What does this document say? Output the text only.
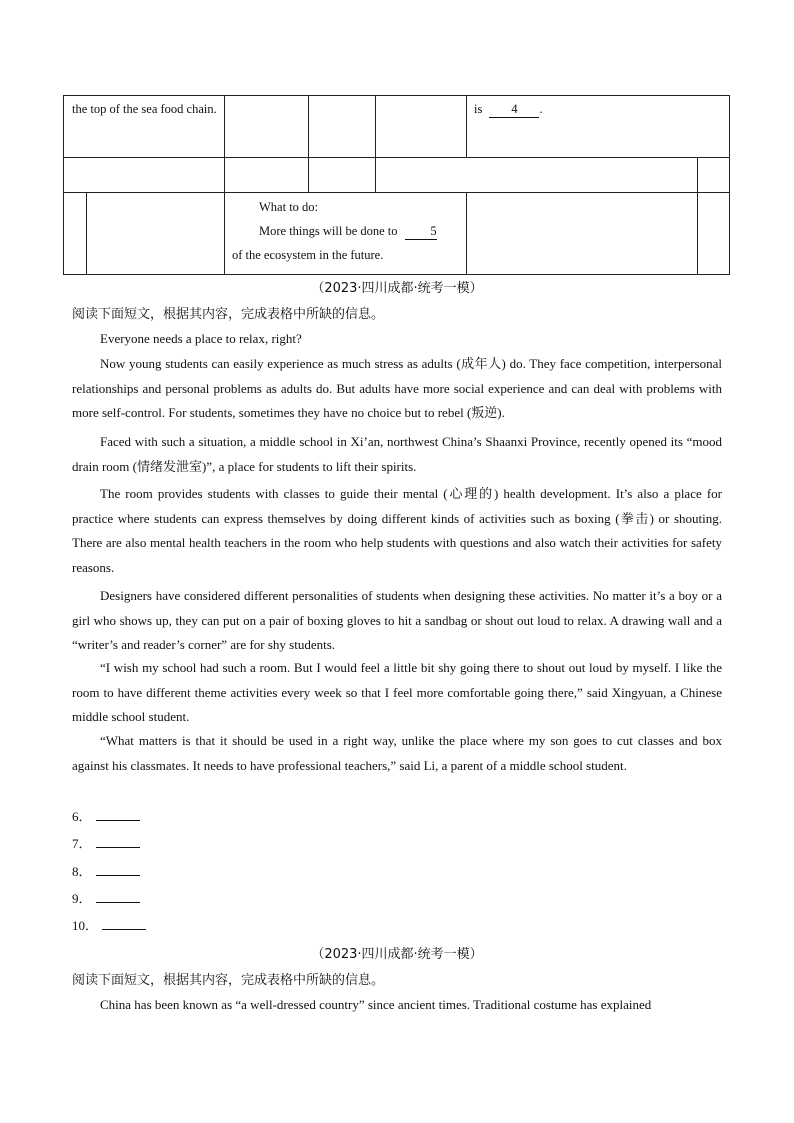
the top of the sea food chain.	is 4 .
What to do:
More things will be done to	5
of the ecosystem in the future.
（2023·四川成都·统考一模）
阅读下面短文，根据其内容，完成表格中所缺的信息。
Everyone needs a place to relax, right?
Now young students can easily experience as much stress as adults (成年人) do. They face competition, interpersonal relationships and personal problems as adults do. But adults have more social experience and can deal with problems with more self-control. For students, sometimes they have no choice but to rebel (叛逆).
Faced with such a situation, a middle school in Xi’an, northwest China’s Shaanxi Province, recently opened its “mood drain room (情绪发泄室)”, a place for students to lift their spirits.
The room provides students with classes to guide their mental (心理的) health development. It’s also a place for practice where students can express themselves by doing different kinds of activities such as boxing (拳击) or shouting. There are also mental health teachers in the room who help students with questions and also watch their activities for safety reasons.
Designers have considered different personalities of students when designing these activities. No matter it’s a boy or a girl who shows up, they can put on a pair of boxing gloves to hit a sandbag or shout out loud to relax. A drawing wall and a “writer’s and reader’s corner” are for shy students.
“I wish my school had such a room. But I would feel a little bit shy going there to shout out loud by myself. I like the room to have different theme activities every week so that I feel more comfortable going there,” said Xingyuan, a Chinese middle school student.
“What matters is that it should be used in a right way, unlike the place where my son goes to cut classes and box against his classmates. It needs to have professional teachers,” said Li, a parent of a middle school student.
6．
7．
8．
9．
10．
（2023·四川成都·统考一模）
阅读下面短文，根据其内容，完成表格中所缺的信息。
China has been known as “a well-dressed country” since ancient times. Traditional costume has explained
